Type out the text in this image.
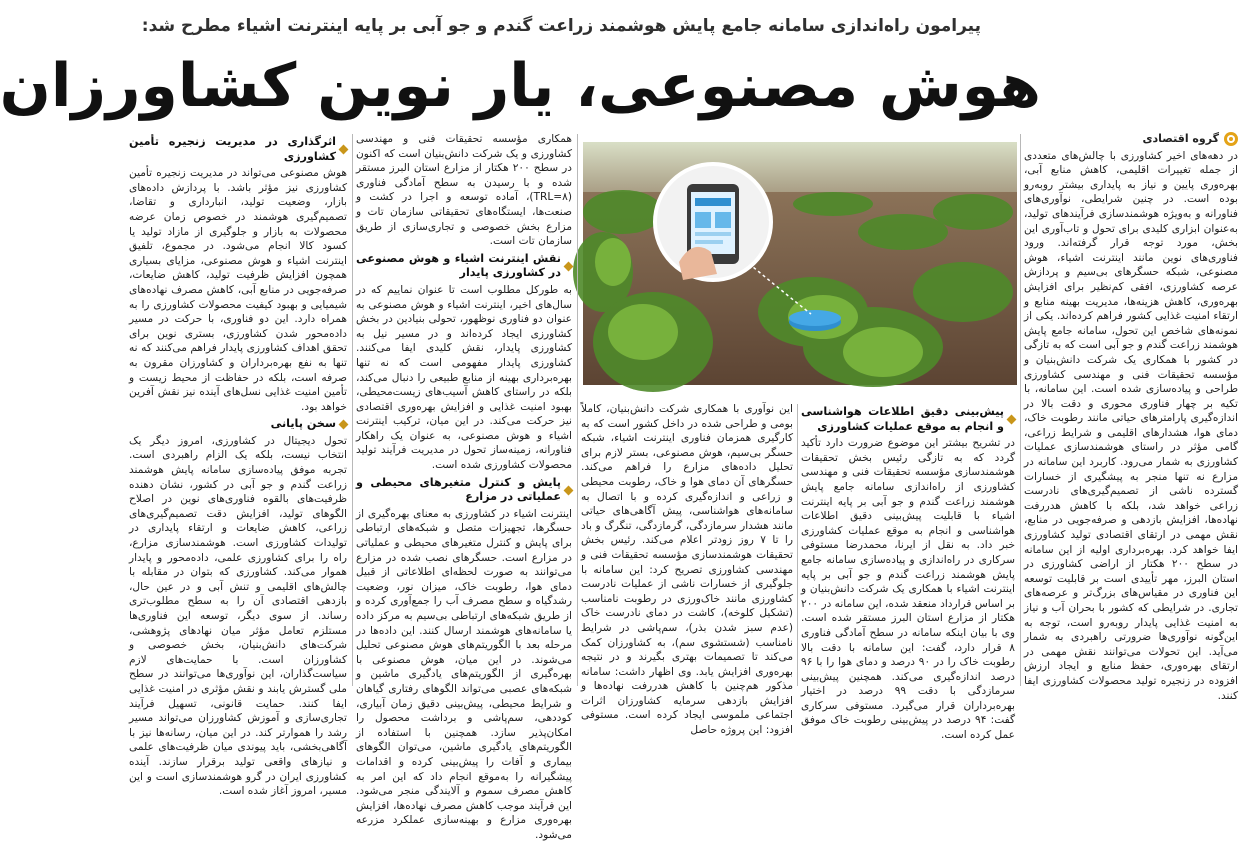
پیرامون راه‌اندازی سامانه جامع پایش هوشمند زراعت گندم و جو آبی بر پایه اینترنت اشیاء مطرح شد:
هوش مصنوعی، یار نوین کشاورزان
گروه اقتصادی

در دهه‌های اخیر کشاورزی با چالش‌های متعددی از جمله تغییرات اقلیمی، کاهش منابع آبی، بهره‌وری پایین و نیاز به پایداری بیشتر روبه‌رو بوده است. در چنین شرایطی، نوآوری‌های فناورانه و به‌ویژه هوشمندسازی فرآیندهای تولید، به‌عنوان ابزاری کلیدی برای تحول و تاب‌آوری این بخش، مورد توجه قرار گرفته‌اند. ورود فناوری‌های نوین مانند اینترنت اشیاء، هوش مصنوعی، شبکه حسگرهای بی‌سیم و پردازش عرصه کشاورزی، افقی کم‌نظیر برای افزایش بهره‌وری، کاهش هزینه‌ها، مدیریت بهینه منابع و ارتقاء امنیت غذایی کشور فراهم کرده‌اند. یکی از نمونه‌های شاخص این تحول، سامانه جامع پایش هوشمند زراعت گندم و جو آبی است که به تازگی در کشور با همکاری یک شرکت دانش‌بنیان و مؤسسه تحقیقات فنی و مهندسی کشاورزی طراحی و پیاده‌سازی شده است. این سامانه، با تکیه بر چهار فناوری محوری و دقت بالا در اندازه‌گیری پارامترهای حیاتی مانند رطوبت خاک، دمای هوا، هشدارهای اقلیمی و شرایط زراعی، گامی مؤثر در راستای هوشمندسازی عملیات کشاورزی به شمار می‌رود. کاربرد این سامانه در مزارع نه تنها منجر به پیشگیری از خسارات گسترده ناشی از تصمیم‌گیری‌های نادرست زراعی خواهد شد، بلکه با کاهش هدررفت نهاده‌ها، افزایش بازدهی و صرفه‌جویی در منابع، نقش مهمی در ارتقای اقتصادی تولید کشاورزی ایفا خواهد کرد. بهره‌برداری اولیه از این سامانه در سطح ۲۰۰ هکتار از اراضی کشاورزی در استان البرز، مهر تأییدی است بر قابلیت توسعه این فناوری در مقیاس‌های بزرگ‌تر و عرصه‌های تجاری. در شرایطی که کشور با بحران آب و نیاز به امنیت غذایی پایدار روبه‌رو است، توجه به این‌گونه نوآوری‌ها ضرورتی راهبردی به شمار می‌آید. این تحولات می‌توانند نقش مهمی در ارتقای بهره‌وری، حفظ منابع و ایجاد ارزش افزوده در زنجیره تولید محصولات کشاورزی ایفا کنند.

پیش‌بینی دقیق اطلاعات هواشناسی و انجام به موقع عملیات کشاورزی

در تشریح بیشتر این موضوع ضرورت دارد تأکید گردد که به تازگی رئیس بخش تحقیقات هوشمندسازی مؤسسه تحقیقات فنی و مهندسی کشاورزی از راه‌اندازی سامانه جامع پایش هوشمند زراعت گندم و جو آبی بر پایه اینترنت اشیاء با قابلیت پیش‌بینی دقیق اطلاعات هواشناسی و انجام به موقع عملیات کشاورزی خبر داد. به نقل از ایرنا، محمدرضا مستوفی سرکاری در راه‌اندازی و پیاده‌سازی سامانه جامع پایش هوشمند زراعت گندم و جو آبی بر پایه اینترنت اشیاء با همکاری یک شرکت دانش‌بنیان و بر اساس قرارداد منعقد شده، این سامانه در ۲۰۰ هکتار از مزارع استان البرز مستقر شده است. وی با بیان اینکه سامانه در سطح آمادگی فناوری ۸ قرار دارد، گفت: این سامانه با دقت بالا رطوبت خاک را در ۹۰ درصد و دمای هوا را با ۹۶ درصد اندازه‌گیری می‌کند. همچنین پیش‌بینی سرمازدگی با دقت ۹۹ درصد در اختیار بهره‌برداران قرار می‌گیرد. مستوفی سرکاری گفت: ۹۴ درصد در پیش‌بینی رطوبت خاک موفق عمل کرده است.

این نوآوری با همکاری شرکت دانش‌بنیان، کاملاً بومی و طراحی شده در داخل کشور است که به کارگیری همزمان فناوری اینترنت اشیاء، شبکه حسگر بی‌سیم، هوش مصنوعی، بستر لازم برای تحلیل داده‌های مزارع را فراهم می‌کند. حسگرهای آن دمای هوا و خاک، رطوبت محیطی و زراعی و اندازه‌گیری کرده و با اتصال به سامانه‌های هواشناسی، پیش آگاهی‌های حیاتی مانند هشدار سرمازدگی، گرمازدگی، تنگرگ و باد را تا ۷ روز زودتر اعلام می‌کند. رئیس بخش تحقیقات هوشمندسازی مؤسسه تحقیقات فنی و مهندسی کشاورزی تصریح کرد: این سامانه با جلوگیری از خسارات ناشی از عملیات نادرست کشاورزی مانند خاک‌ورزی در رطوبت نامناسب (تشکیل کلوخه)، کاشت در دمای نادرست خاک (عدم سبز شدن بذر)، سم‌پاشی در شرایط نامناسب (شستشوی سم)، به کشاورزان کمک می‌کند تا تصمیمات بهتری بگیرند و در نتیجه بهره‌وری افزایش یابد. وی اظهار داشت: سامانه مذکور هم‌چنین با کاهش هدررفت نهاده‌ها و افزایش بازدهی سرمایه کشاورزان اثرات اجتماعی ملموسی ایجاد کرده است. مستوفی افزود: این پروژه حاصل

همکاری مؤسسه تحقیقات فنی و مهندسی کشاورزی و یک شرکت دانش‌بنیان است که اکنون در سطح ۲۰۰ هکتار از مزارع استان البرز مستقر شده و با رسیدن به سطح آمادگی فناوری (TRL=۸)، آماده توسعه و اجرا در کشت و صنعت‌ها، ایستگاه‌های تحقیقاتی سازمان تات و مزارع بخش خصوصی و تجاری‌سازی از طریق سازمان تات است.

نقش اینترنت اشیاء و هوش مصنوعی در کشاورزی پایدار

به طورکل مطلوب است تا عنوان نماییم که در سال‌های اخیر، اینترنت اشیاء و هوش مصنوعی به عنوان دو فناوری نوظهور، تحولی بنیادین در بخش کشاورزی ایجاد کرده‌اند و در مسیر نیل به کشاورزی پایدار، نقش کلیدی ایفا می‌کنند. کشاورزی پایدار مفهومی است که نه تنها بهره‌برداری بهینه از منابع طبیعی را دنبال می‌کند، بلکه در راستای کاهش آسیب‌های زیست‌محیطی، بهبود امنیت غذایی و افزایش بهره‌وری اقتصادی نیز حرکت می‌کند. در این میان، ترکیب اینترنت اشیاء و هوش مصنوعی، به عنوان یک راهکار فناورانه، زمینه‌ساز تحول در مدیریت فرآیند تولید محصولات کشاورزی شده است.

پایش و کنترل متغیرهای محیطی و عملیاتی در مزارع

اینترنت اشیاء در کشاورزی به معنای بهره‌گیری از حسگرها، تجهیزات متصل و شبکه‌های ارتباطی برای پایش و کنترل متغیرهای محیطی و عملیاتی در مزارع است. حسگرهای نصب شده در مزارع می‌توانند به صورت لحظه‌ای اطلاعاتی از قبیل دمای هوا، رطوبت خاک، میزان نور، وضعیت رشدگیاه و سطح مصرف آب را جمع‌آوری کرده و از طریق شبکه‌های ارتباطی بی‌سیم به مرکز داده یا سامانه‌های هوشمند ارسال کنند. این داده‌ها در مرحله بعد با الگوریتم‌های هوش مصنوعی تحلیل می‌شوند. در این میان، هوش مصنوعی با بهره‌گیری از الگوریتم‌های یادگیری ماشین و شبکه‌های عصبی می‌تواند الگوهای رفتاری گیاهان و شرایط محیطی، پیش‌بینی دقیق زمان آبیاری، کوددهی، سم‌پاشی و برداشت محصول را امکان‌پذیر سازد. همچنین با استفاده از الگوریتم‌های یادگیری ماشین، می‌توان الگوهای بیماری و آفات را پیش‌بینی کرده و اقدامات پیشگیرانه را به‌موقع انجام داد که این امر به کاهش مصرف سموم و آلایندگی منجر می‌شود. این فرآیند موجب کاهش مصرف نهاده‌ها، افزایش بهره‌وری مزارع و بهینه‌سازی عملکرد مزرعه می‌شود.

اثرگذاری در مدیریت زنجیره تأمین کشاورزی

هوش مصنوعی می‌تواند در مدیریت زنجیره تأمین کشاورزی نیز مؤثر باشد. با پردازش داده‌های بازار، وضعیت تولید، انبارداری و تقاضا، تصمیم‌گیری هوشمند در خصوص زمان عرضه محصولات به بازار و جلوگیری از مازاد تولید یا کسود کالا انجام می‌شود. در مجموع، تلفیق اینترنت اشیاء و هوش مصنوعی، مزایای بسیاری همچون افزایش ظرفیت تولید، کاهش ضایعات، صرفه‌جویی در منابع آبی، کاهش مصرف نهاده‌های شیمیایی و بهبود کیفیت محصولات کشاورزی را به همراه دارد. این دو فناوری، با حرکت در مسیر داده‌محور شدن کشاورزی، بستری نوین برای تحقق اهداف کشاورزی پایدار فراهم می‌کنند که نه تنها به نفع بهره‌برداران و کشاورزان مقرون به صرفه است، بلکه در حفاظت از محیط زیست و تأمین امنیت غذایی نسل‌های آینده نیز نقش آفرین خواهد بود.

سخن پایانی

تحول دیجیتال در کشاورزی، امروز دیگر یک انتخاب نیست، بلکه یک الزام راهبردی است. تجربه موفق پیاده‌سازی سامانه پایش هوشمند زراعت گندم و جو آبی در کشور، نشان دهنده ظرفیت‌های بالقوه فناوری‌های نوین در اصلاح الگوهای تولید، افزایش دقت تصمیم‌گیری‌های زراعی، کاهش ضایعات و ارتقاء پایداری در تولیدات کشاورزی است. هوشمندسازی مزارع، راه را برای کشاورزی علمی، داده‌محور و پایدار هموار می‌کند. کشاورزی که بتوان در مقابله با چالش‌های اقلیمی و تنش آبی و در عین حال، بازدهی اقتصادی آن را به سطح مطلوب‌تری رساند. از سوی دیگر، توسعه این فناوری‌ها مستلزم تعامل مؤثر میان نهادهای پژوهشی، شرکت‌های دانش‌بنیان، بخش خصوصی و کشاورزان است. با حمایت‌های لازم سیاست‌گذاران، این نوآوری‌ها می‌توانند در سطح ملی گسترش یابند و نقش مؤثری در امنیت غذایی ایفا کنند. حمایت قانونی، تسهیل فرآیند تجاری‌سازی و آموزش کشاورزان می‌تواند مسیر رشد را هموارتر کند. در این میان، رسانه‌ها نیز با آگاهی‌بخشی، باید پیوندی میان ظرفیت‌های علمی و نیازهای واقعی تولید برقرار سازند. آینده کشاورزی ایران در گرو هوشمندسازی است و این مسیر، امروز آغاز شده است.
